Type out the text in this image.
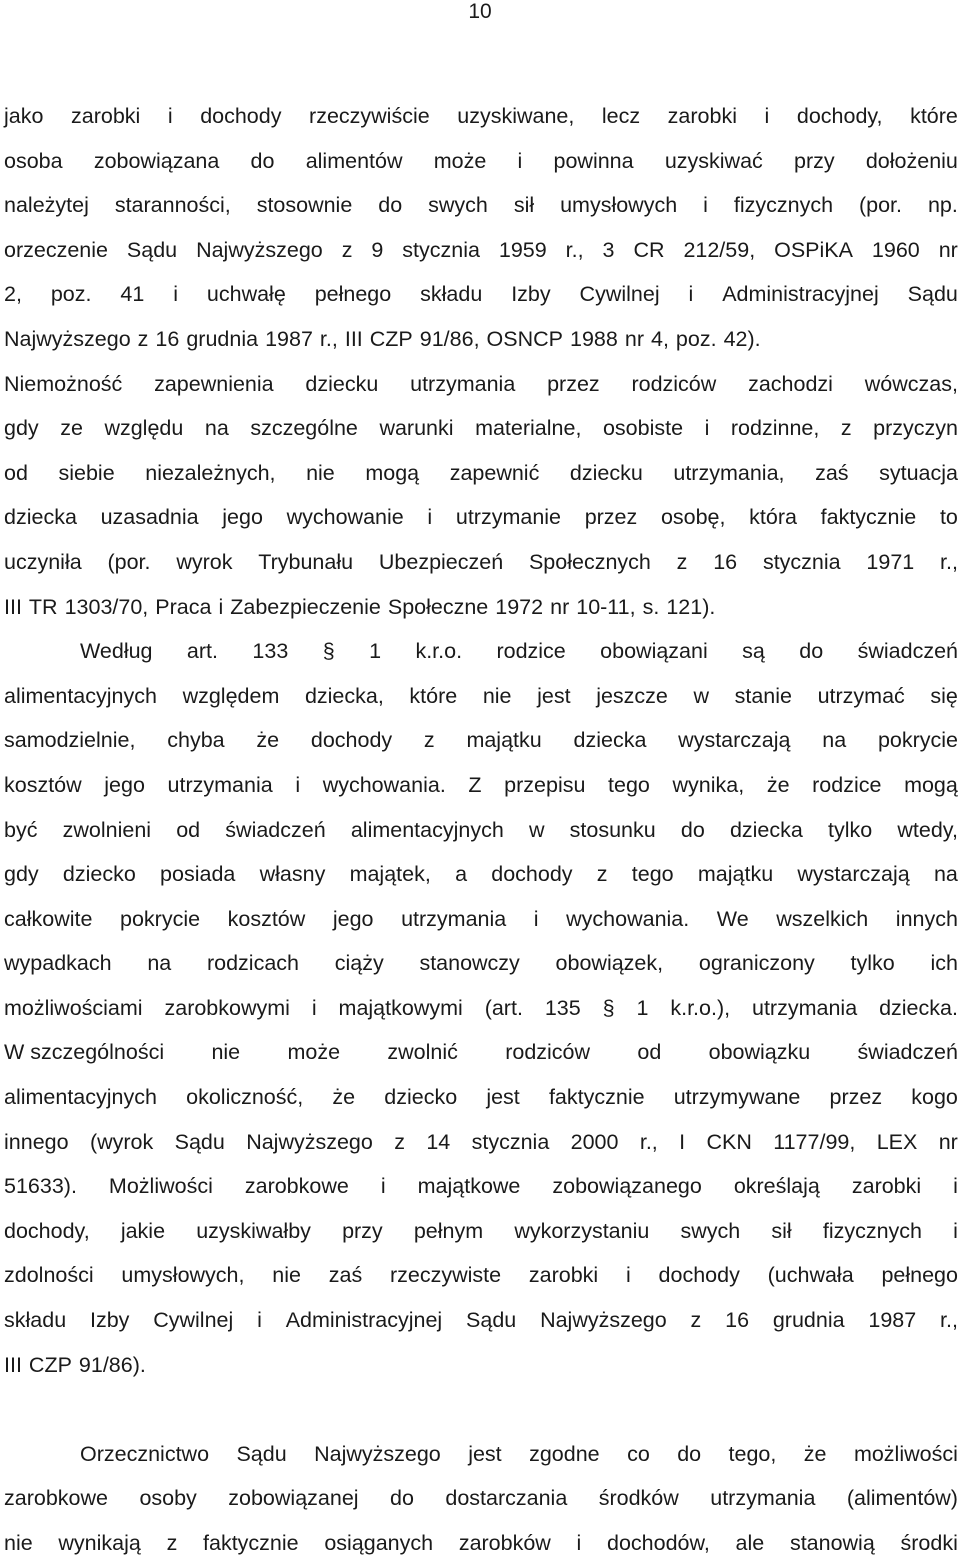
10
jako zarobki i dochody rzeczywiście uzyskiwane, lecz zarobki i dochody, które
osoba zobowiązana do alimentów może i powinna uzyskiwać przy dołożeniu
należytej staranności, stosownie do swych sił umysłowych i fizycznych (por. np.
orzeczenie Sądu Najwyższego z 9 stycznia 1959 r., 3 CR 212/59, OSPiKA 1960 nr
2, poz. 41 i uchwałę pełnego składu Izby Cywilnej i Administracyjnej Sądu
Najwyższego z 16 grudnia 1987 r., III CZP 91/86, OSNCP 1988 nr 4, poz. 42).
Niemożność zapewnienia dziecku utrzymania przez rodziców zachodzi wówczas,
gdy ze względu na szczególne warunki materialne, osobiste i rodzinne, z przyczyn
od siebie niezależnych, nie mogą zapewnić dziecku utrzymania, zaś sytuacja
dziecka uzasadnia jego wychowanie i utrzymanie przez osobę, która faktycznie to
uczyniła (por. wyrok Trybunału Ubezpieczeń Społecznych z 16 stycznia 1971 r.,
III TR 1303/70, Praca i Zabezpieczenie Społeczne 1972 nr 10-11, s. 121).
Według art. 133 § 1 k.r.o. rodzice obowiązani są do świadczeń
alimentacyjnych względem dziecka, które nie jest jeszcze w stanie utrzymać się
samodzielnie, chyba że dochody z majątku dziecka wystarczają na pokrycie
kosztów jego utrzymania i wychowania. Z przepisu tego wynika, że rodzice mogą
być zwolnieni od świadczeń alimentacyjnych w stosunku do dziecka tylko wtedy,
gdy dziecko posiada własny majątek, a dochody z tego majątku wystarczają na
całkowite pokrycie kosztów jego utrzymania i wychowania. We wszelkich innych
wypadkach na rodzicach ciąży stanowczy obowiązek, ograniczony tylko ich
możliwościami zarobkowymi i majątkowymi (art. 135 § 1 k.r.o.), utrzymania dziecka.
W szczególności nie może zwolnić rodziców od obowiązku świadczeń
alimentacyjnych okoliczność, że dziecko jest faktycznie utrzymywane przez kogo
innego (wyrok Sądu Najwyższego z 14 stycznia 2000 r., I CKN 1177/99, LEX nr
51633). Możliwości zarobkowe i majątkowe zobowiązanego określają zarobki i
dochody, jakie uzyskiwałby przy pełnym wykorzystaniu swych sił fizycznych i
zdolności umysłowych, nie zaś rzeczywiste zarobki i dochody (uchwała pełnego
składu Izby Cywilnej i Administracyjnej Sądu Najwyższego z 16 grudnia 1987 r.,
III CZP 91/86).
Orzecznictwo Sądu Najwyższego jest zgodne co do tego, że możliwości
zarobkowe osoby zobowiązanej do dostarczania środków utrzymania (alimentów)
nie wynikają z faktycznie osiąganych zarobków i dochodów, ale stanowią środki
